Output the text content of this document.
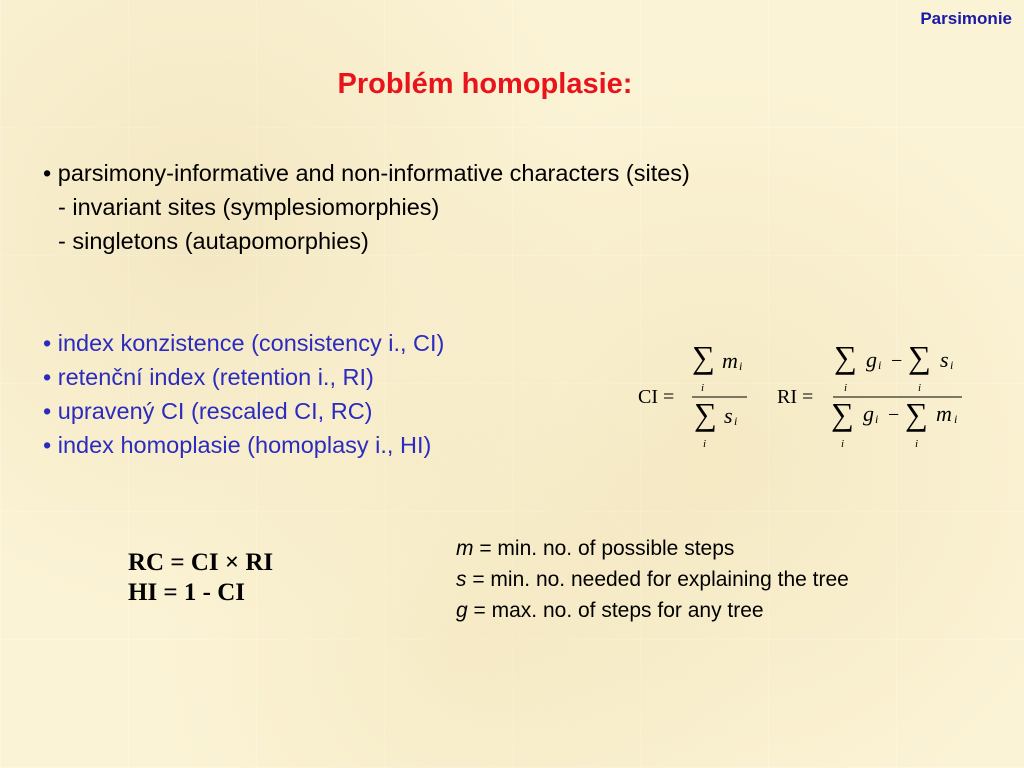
Parsimonie
Problém homoplasie:
• parsimony-informative and non-informative characters (sites)
- invariant sites (symplesiomorphies)
- singletons (autapomorphies)
• index konzistence (consistency i., CI)
• retenční index (retention i., RI)
• upravený CI (rescaled CI, RC)
• index homoplasie (homoplasy i., HI)
CI =
∑
i
m i
∑
i
s i
RI =
∑
i
g i − ∑
i
s i
∑
i
g i − ∑
i
m i
RC = CI × RI
HI = 1 - CI
m = min. no. of possible steps
s = min. no. needed for explaining the tree
g = max. no. of steps for any tree
